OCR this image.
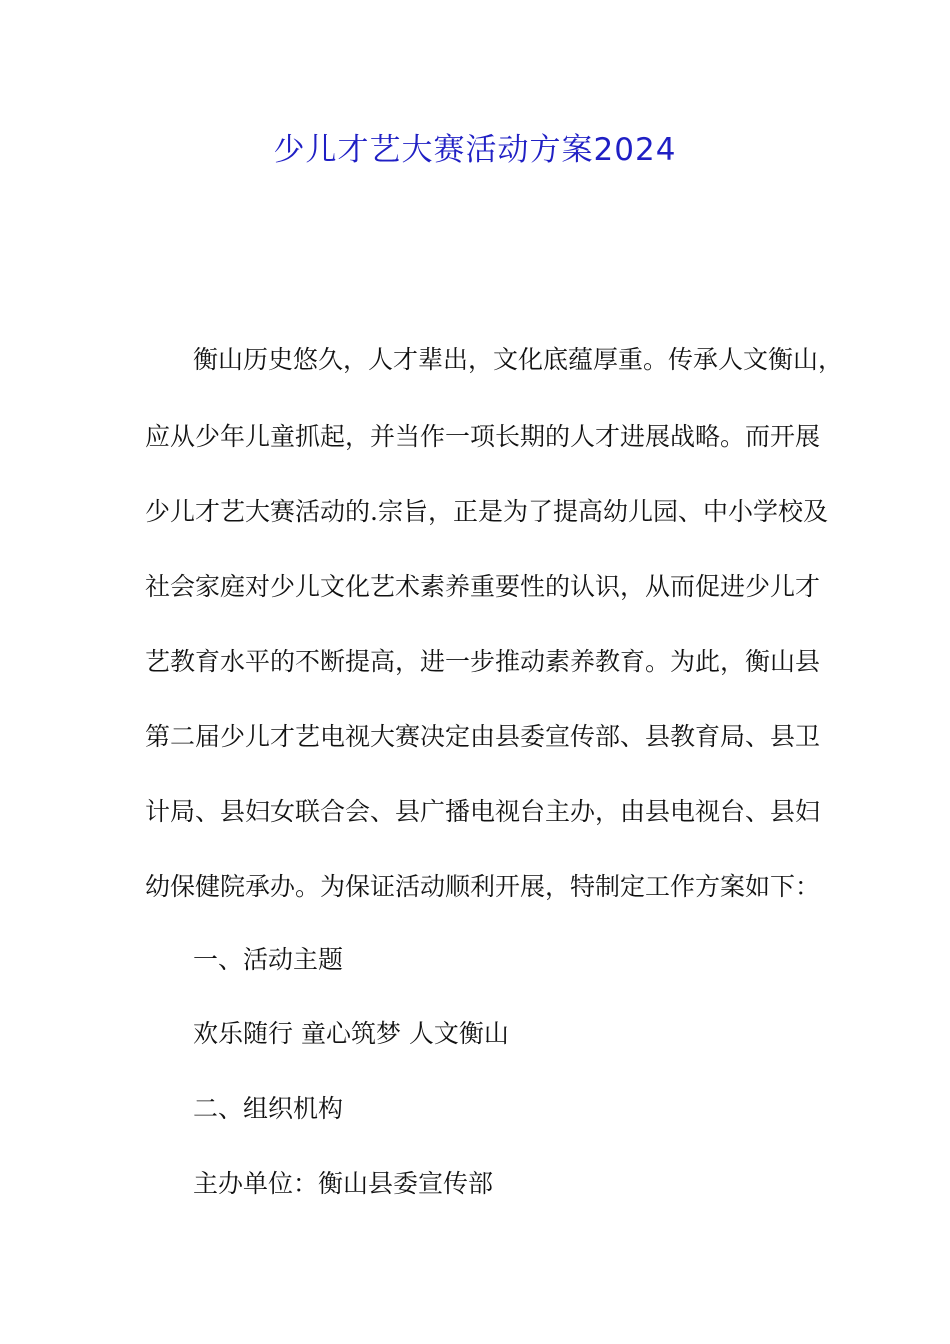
少儿才艺大赛活动方案2024
衡山历史悠久，人才辈出，文化底蕴厚重。传承人文衡山，
应从少年儿童抓起，并当作一项长期的人才进展战略。而开展
少儿才艺大赛活动的.宗旨，正是为了提高幼儿园、中小学校及
社会家庭对少儿文化艺术素养重要性的认识，从而促进少儿才
艺教育水平的不断提高，进一步推动素养教育。为此，衡山县
第二届少儿才艺电视大赛决定由县委宣传部、县教育局、县卫
计局、县妇女联合会、县广播电视台主办，由县电视台、县妇
幼保健院承办。为保证活动顺利开展，特制定工作方案如下：
一、活动主题
欢乐随行 童心筑梦 人文衡山
二、组织机构
主办单位：衡山县委宣传部
